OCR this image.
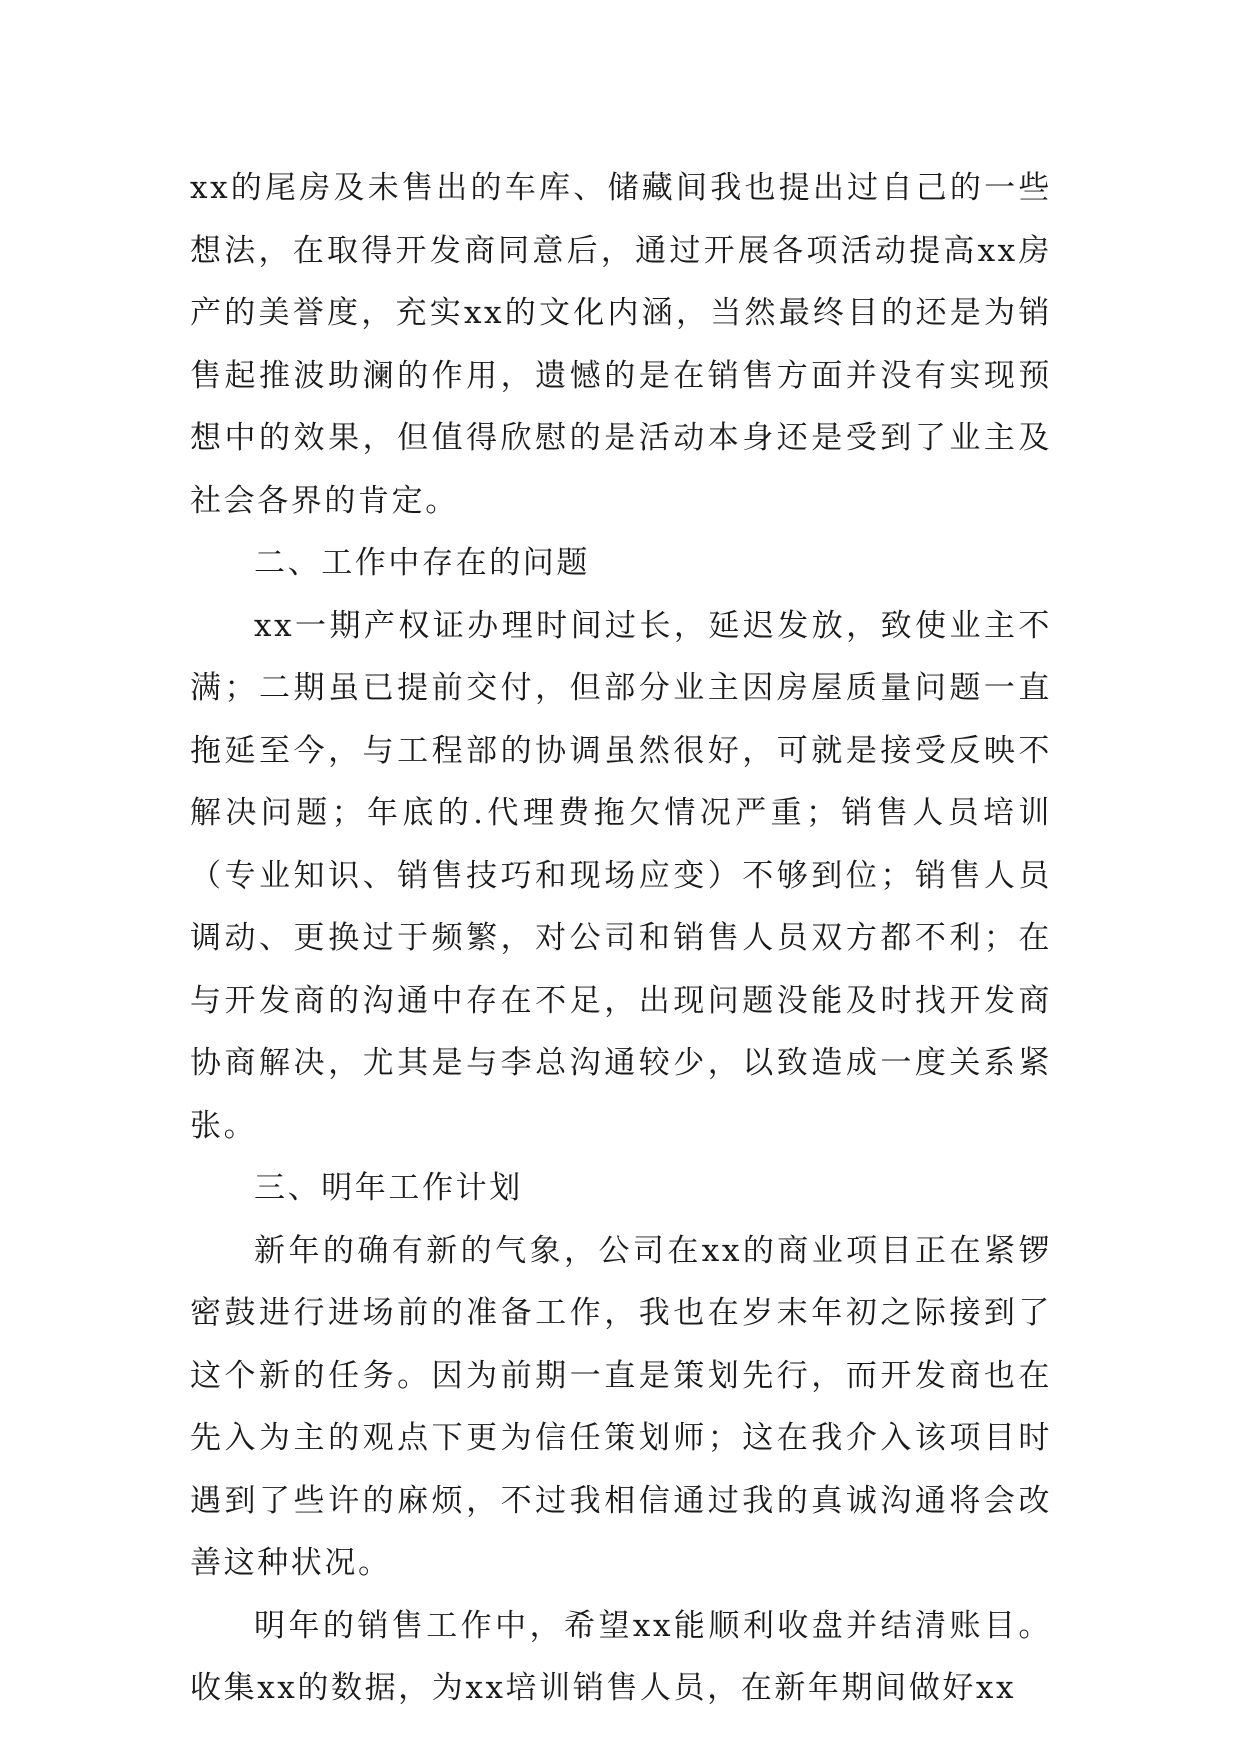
xx的尾房及未售出的车库、储藏间我也提出过自己的一些想法，在取得开发商同意后，通过开展各项活动提高xx房产的美誉度，充实xx的文化内涵，当然最终目的还是为销售起推波助澜的作用，遗憾的是在销售方面并没有实现预想中的效果，但值得欣慰的是活动本身还是受到了业主及社会各界的肯定。

二、工作中存在的问题

xx一期产权证办理时间过长，延迟发放，致使业主不满；二期虽已提前交付，但部分业主因房屋质量问题一直拖延至今，与工程部的协调虽然很好，可就是接受反映不解决问题；年底的.代理费拖欠情况严重；销售人员培训（专业知识、销售技巧和现场应变）不够到位；销售人员调动、更换过于频繁，对公司和销售人员双方都不利；在与开发商的沟通中存在不足，出现问题没能及时找开发商协商解决，尤其是与李总沟通较少，以致造成一度关系紧张。

三、明年工作计划

新年的确有新的气象，公司在xx的商业项目正在紧锣密鼓进行进场前的准备工作，我也在岁末年初之际接到了这个新的任务。因为前期一直是策划先行，而开发商也在先入为主的观点下更为信任策划师；这在我介入该项目时遇到了些许的麻烦，不过我相信通过我的真诚沟通将会改善这种状况。

明年的销售工作中，希望xx能顺利收盘并结清账目。收集xx的数据，为xx培训销售人员，在新年期间做好xx
